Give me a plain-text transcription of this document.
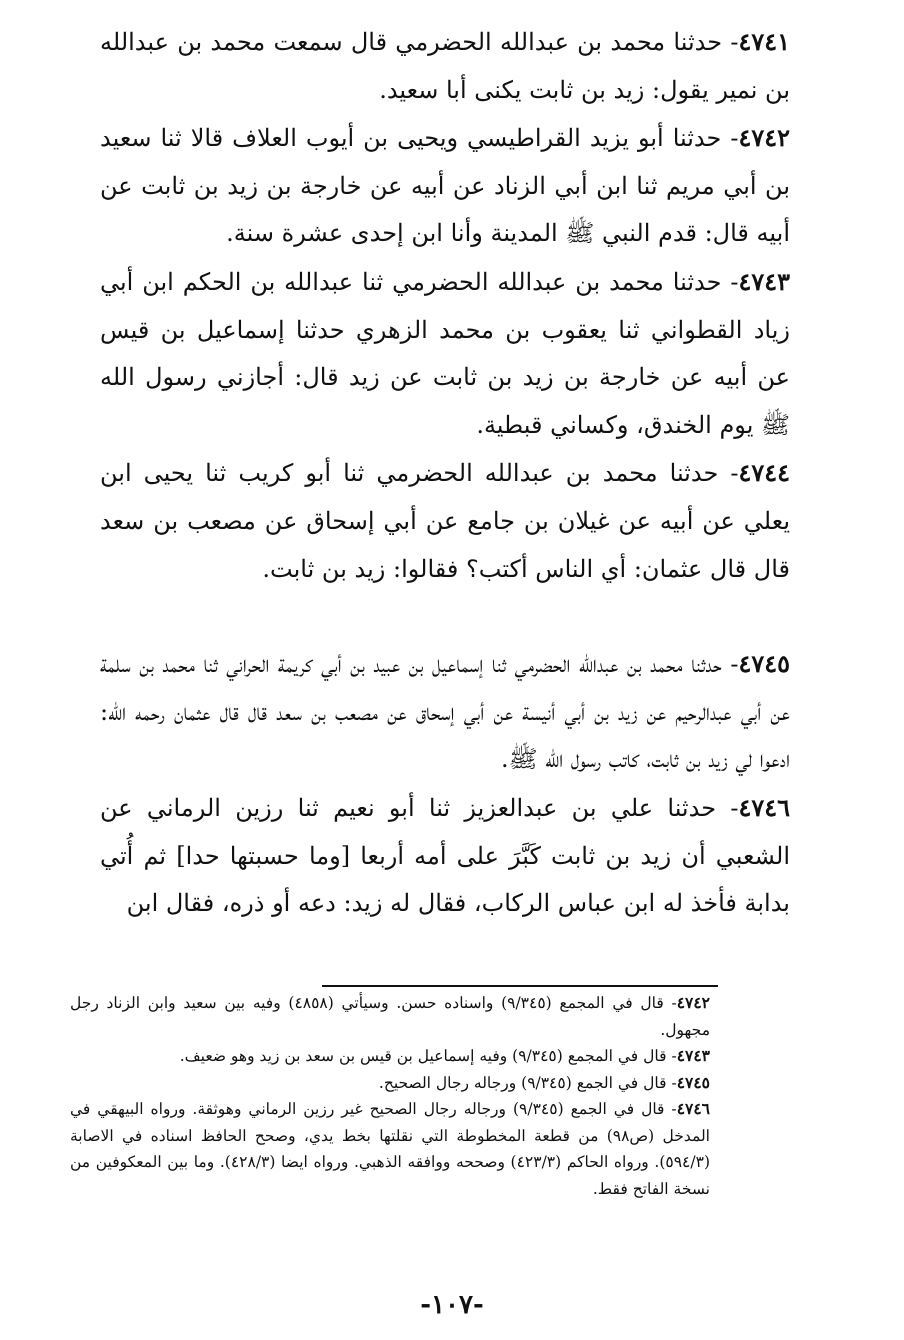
٤٧٤١- حدثنا محمد بن عبدالله الحضرمي قال سمعت محمد بن عبدالله بن نمير يقول: زيد بن ثابت يكنى أبا سعيد.

٤٧٤٢- حدثنا أبو يزيد القراطيسي ويحيى بن أيوب العلاف قالا ثنا سعيد بن أبي مريم ثنا ابن أبي الزناد عن أبيه عن خارجة بن زيد بن ثابت عن أبيه قال: قدم النبي ﷺ المدينة وأنا ابن إحدى عشرة سنة.

٤٧٤٣- حدثنا محمد بن عبدالله الحضرمي ثنا عبدالله بن الحكم ابن أبي زياد القطواني ثنا يعقوب بن محمد الزهري حدثنا إسماعيل بن قيس عن أبيه عن خارجة بن زيد بن ثابت عن زيد قال: أجازني رسول الله ﷺ يوم الخندق، وكساني قبطية.

٤٧٤٤- حدثنا محمد بن عبدالله الحضرمي ثنا أبو كريب ثنا يحيى ابن يعلي عن أبيه عن غيلان بن جامع عن أبي إسحاق عن مصعب بن سعد قال قال عثمان: أي الناس أكتب؟ فقالوا: زيد بن ثابت.

٤٧٤٥- حدثنا محمد بن عبدالله الحضرمي ثنا إسماعيل بن عبيد بن أبي كريمة الحراني ثنا محمد بن سلمة عن أبي عبدالرحيم عن زيد بن أبي أنيسة عن أبي إسحاق عن مصعب بن سعد قال قال عثمان رحمه الله: ادعوا لي زيد بن ثابت، كاتب رسول الله ﷺ.

٤٧٤٦- حدثنا علي بن عبدالعزيز ثنا أبو نعيم ثنا رزين الرماني عن الشعبي أن زيد بن ثابت كَبَّرَ على أمه أربعا [وما حسبتها حدا] ثم أُتي بدابة فأخذ له ابن عباس الركاب، فقال له زيد: دعه أو ذره، فقال ابن

٤٧٤٢- قال في المجمع (٩/٣٤٥) واسناده حسن. وسيأتي (٤٨٥٨) وفيه بين سعيد وابن الزناد رجل مجهول.

٤٧٤٣- قال في المجمع (٩/٣٤٥) وفيه إسماعيل بن قيس بن سعد بن زيد وهو ضعيف.

٤٧٤٥- قال في الجمع (٩/٣٤٥) ورجاله رجال الصحيح.

٤٧٤٦- قال في الجمع (٩/٣٤٥) ورجاله رجال الصحيح غير رزين الرماني وهوثقة. ورواه البيهقي في المدخل (ص٩٨) من قطعة المخطوطة التي نقلتها بخط يدي، وصحح الحافظ اسناده في الاصابة (٥٩٤/٣). ورواه الحاكم (٤٢٣/٣) وصححه ووافقه الذهبي. ورواه ايضا (٤٢٨/٣). وما بين المعكوفين من نسخة الفاتح فقط.

-١٠٧-
